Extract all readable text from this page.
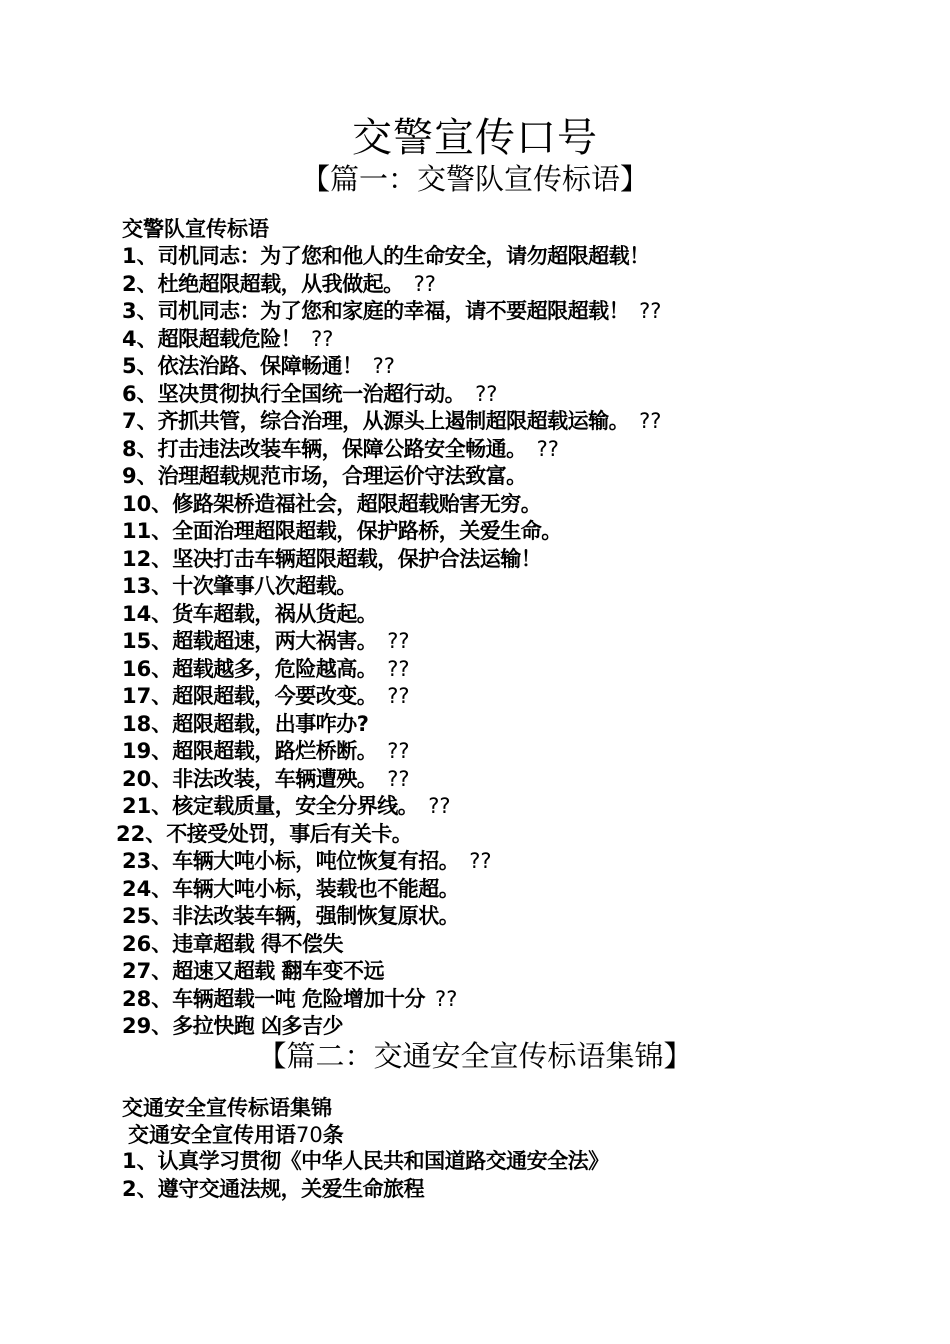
交警宣传口号
【篇一：交警队宣传标语】
交警队宣传标语
1、司机同志：为了您和他人的生命安全，请勿超限超载！
2、杜绝超限超载，从我做起。 ??
3、司机同志：为了您和家庭的幸福，请不要超限超载！ ??
4、超限超载危险！ ??
5、依法治路、保障畅通！ ??
6、坚决贯彻执行全国统一治超行动。 ??
7、齐抓共管，综合治理，从源头上遏制超限超载运输。 ??
8、打击违法改装车辆，保障公路安全畅通。 ??
9、治理超载规范市场，合理运价守法致富。
10、修路架桥造福社会，超限超载贻害无穷。
11、全面治理超限超载，保护路桥，关爱生命。
12、坚决打击车辆超限超载，保护合法运输！
13、十次肇事八次超载。
14、货车超载，祸从货起。
15、超载超速，两大祸害。 ??
16、超载越多，危险越高。 ??
17、超限超载，今要改变。 ??
18、超限超载，出事咋办?
19、超限超载，路烂桥断。 ??
20、非法改装，车辆遭殃。 ??
21、核定载质量，安全分界线。 ??
22、不接受处罚，事后有关卡。
23、车辆大吨小标，吨位恢复有招。 ??
24、车辆大吨小标，装载也不能超。
25、非法改装车辆，强制恢复原状。
26、违章超载 得不偿失
27、超速又超载 翻车变不远
28、车辆超载一吨 危险增加十分 ??
29、多拉快跑 凶多吉少
【篇二：交通安全宣传标语集锦】
交通安全宣传标语集锦
交通安全宣传用语70条
1、认真学习贯彻《中华人民共和国道路交通安全法》
2、遵守交通法规，关爱生命旅程
